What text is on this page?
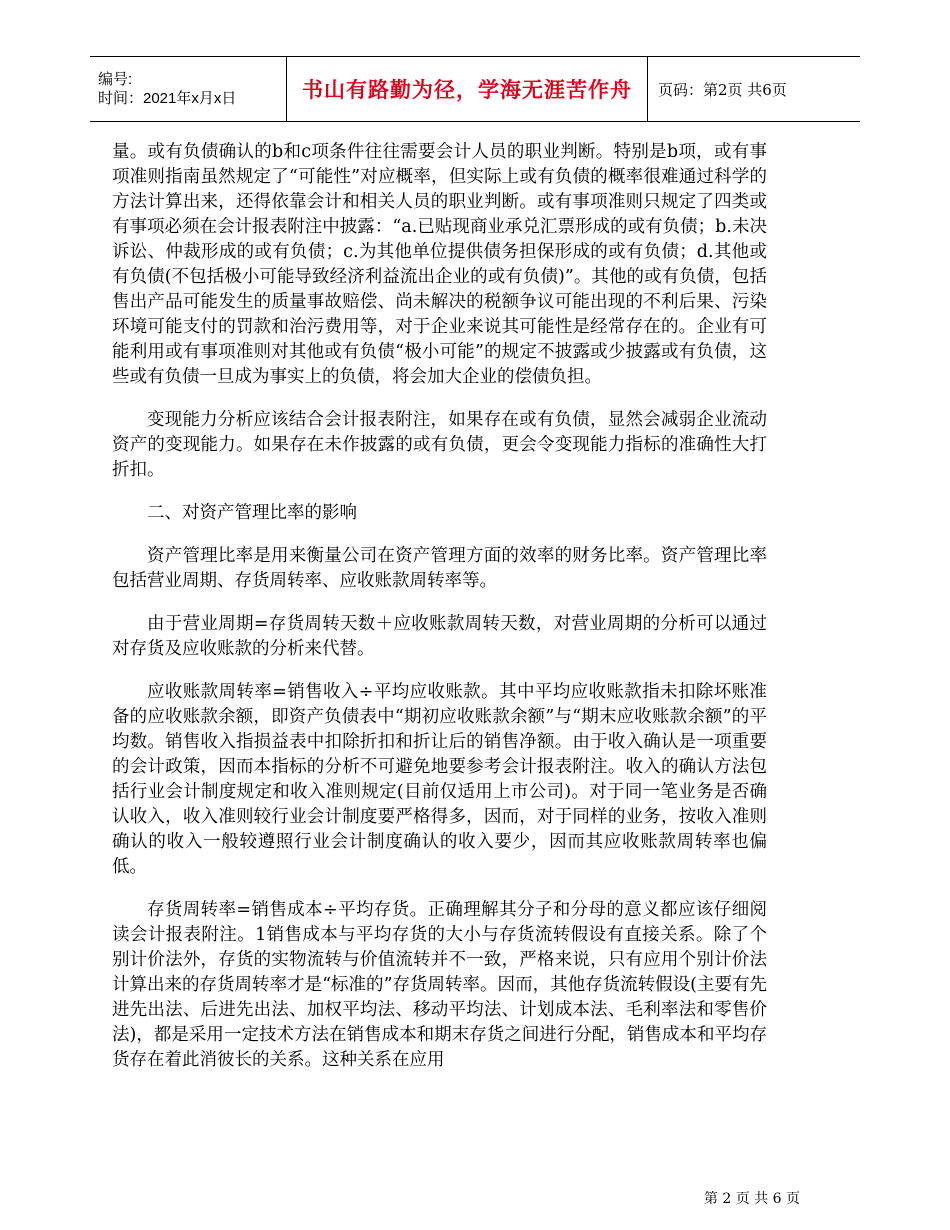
编号:
时间：2021年x月x日	书山有路勤为径，学海无涯苦作舟 页码：第2页 共6页

量。或有负债确认的b和c项条件往往需要会计人员的职业判断。特别是b项，或有事项准则指南虽然规定了“可能性”对应概率，但实际上或有负债的概率很难通过科学的方法计算出来，还得依靠会计和相关人员的职业判断。或有事项准则只规定了四类或有事项必须在会计报表附注中披露：“a.已贴现商业承兑汇票形成的或有负债；b.未决诉讼、仲裁形成的或有负债；c.为其他单位提供债务担保形成的或有负债；d.其他或有负债(不包括极小可能导致经济利益流出企业的或有负债)”。其他的或有负债，包括售出产品可能发生的质量事故赔偿、尚未解决的税额争议可能出现的不利后果、污染环境可能支付的罚款和治污费用等，对于企业来说其可能性是经常存在的。企业有可能利用或有事项准则对其他或有负债“极小可能”的规定不披露或少披露或有负债，这些或有负债一旦成为事实上的负债，将会加大企业的偿债负担。

变现能力分析应该结合会计报表附注，如果存在或有负债，显然会减弱企业流动资产的变现能力。如果存在未作披露的或有负债，更会令变现能力指标的准确性大打折扣。

二、对资产管理比率的影响

资产管理比率是用来衡量公司在资产管理方面的效率的财务比率。资产管理比率包括营业周期、存货周转率、应收账款周转率等。

由于营业周期=存货周转天数＋应收账款周转天数，对营业周期的分析可以通过对存货及应收账款的分析来代替。

应收账款周转率=销售收入÷平均应收账款。其中平均应收账款指未扣除坏账准备的应收账款余额，即资产负债表中“期初应收账款余额”与“期末应收账款余额”的平均数。销售收入指损益表中扣除折扣和折让后的销售净额。由于收入确认是一项重要的会计政策，因而本指标的分析不可避免地要参考会计报表附注。收入的确认方法包括行业会计制度规定和收入准则规定(目前仅适用上市公司)。对于同一笔业务是否确认收入，收入准则较行业会计制度要严格得多，因而，对于同样的业务，按收入准则确认的收入一般较遵照行业会计制度确认的收入要少，因而其应收账款周转率也偏低。

存货周转率=销售成本÷平均存货。正确理解其分子和分母的意义都应该仔细阅读会计报表附注。1销售成本与平均存货的大小与存货流转假设有直接关系。除了个别计价法外，存货的实物流转与价值流转并不一致，严格来说，只有应用个别计价法计算出来的存货周转率才是“标准的”存货周转率。因而，其他存货流转假设(主要有先进先出法、后进先出法、加权平均法、移动平均法、计划成本法、毛利率法和零售价法)，都是采用一定技术方法在销售成本和期末存货之间进行分配，销售成本和平均存货存在着此消彼长的关系。这种关系在应用

第 2 页 共 6 页
